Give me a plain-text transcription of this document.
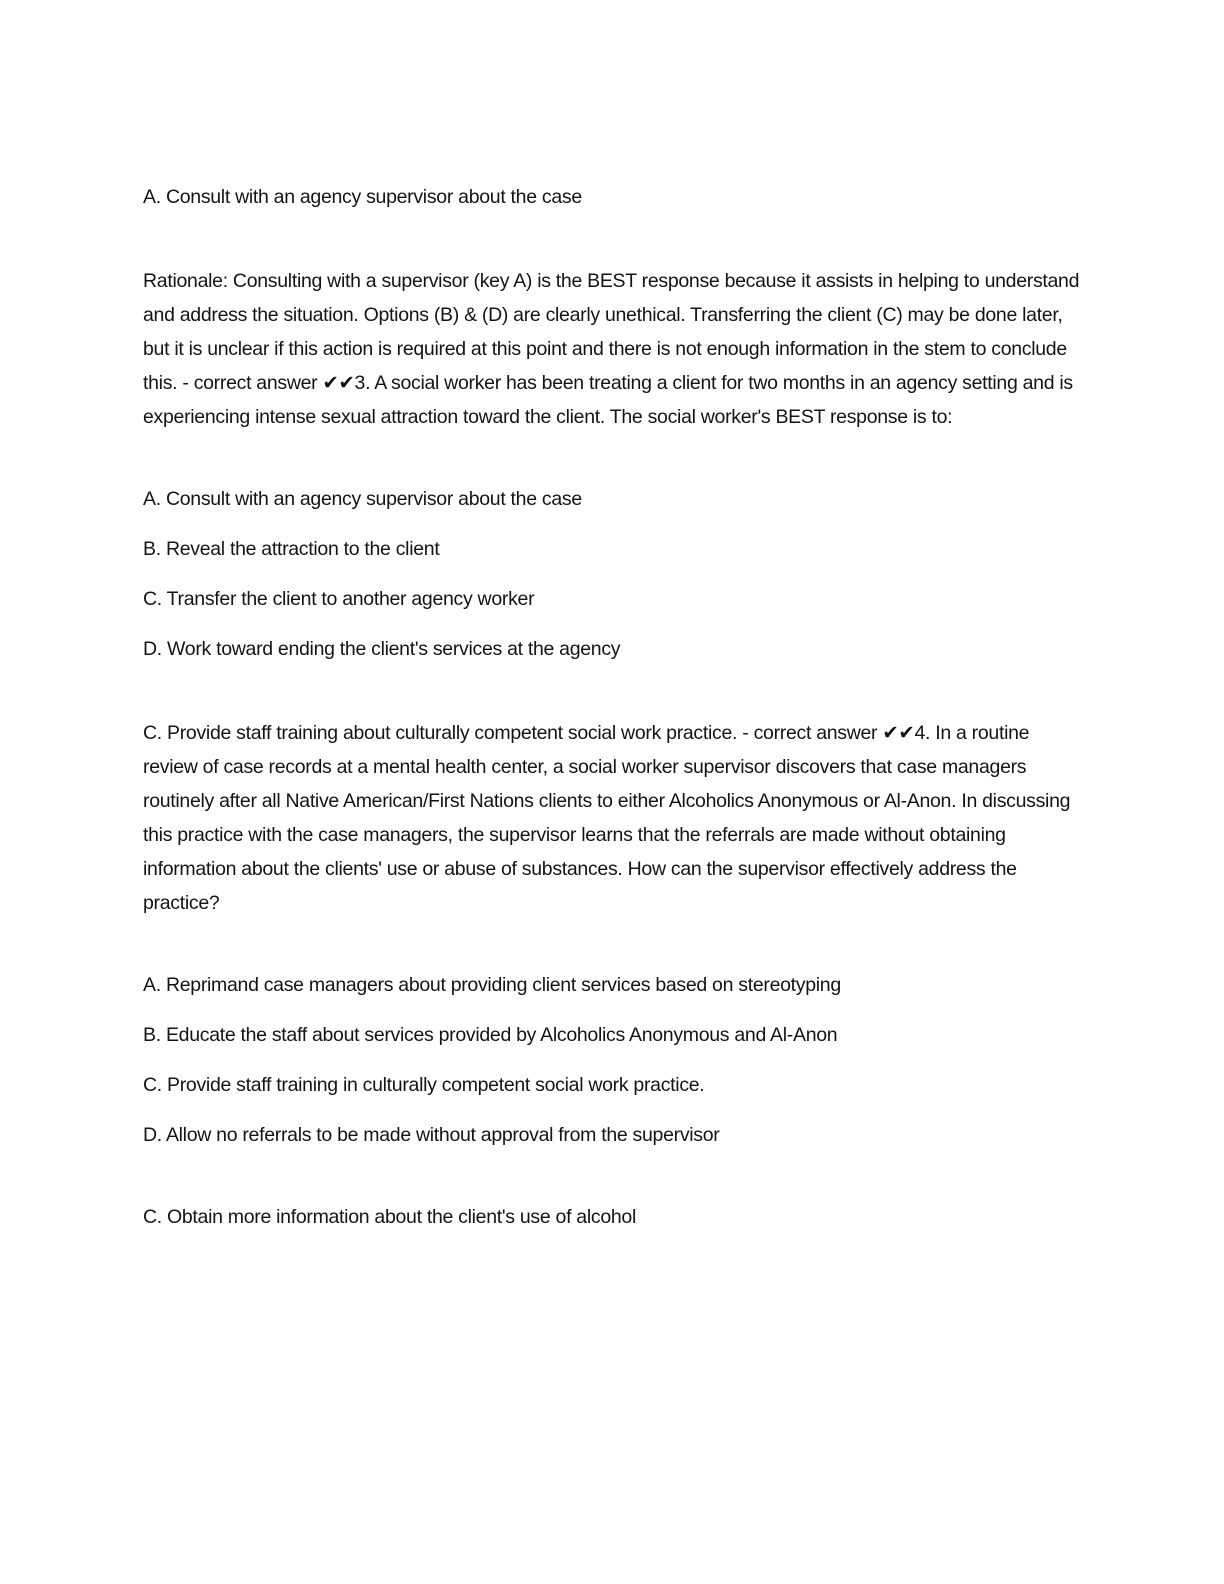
A. Consult with an agency supervisor about the case

Rationale: Consulting with a supervisor (key A) is the BEST response because it assists in helping to understand and address the situation. Options (B) & (D) are clearly unethical. Transferring the client (C) may be done later, but it is unclear if this action is required at this point and there is not enough information in the stem to conclude this. - correct answer ✔✔3. A social worker has been treating a client for two months in an agency setting and is experiencing intense sexual attraction toward the client. The social worker's BEST response is to:

A. Consult with an agency supervisor about the case

B. Reveal the attraction to the client

C. Transfer the client to another agency worker

D. Work toward ending the client's services at the agency

C. Provide staff training about culturally competent social work practice. - correct answer ✔✔4. In a routine review of case records at a mental health center, a social worker supervisor discovers that case managers routinely after all Native American/First Nations clients to either Alcoholics Anonymous or Al-Anon. In discussing this practice with the case managers, the supervisor learns that the referrals are made without obtaining information about the clients' use or abuse of substances. How can the supervisor effectively address the practice?

A. Reprimand case managers about providing client services based on stereotyping

B. Educate the staff about services provided by Alcoholics Anonymous and Al-Anon

C. Provide staff training in culturally competent social work practice.

D. Allow no referrals to be made without approval from the supervisor

C. Obtain more information about the client's use of alcohol
